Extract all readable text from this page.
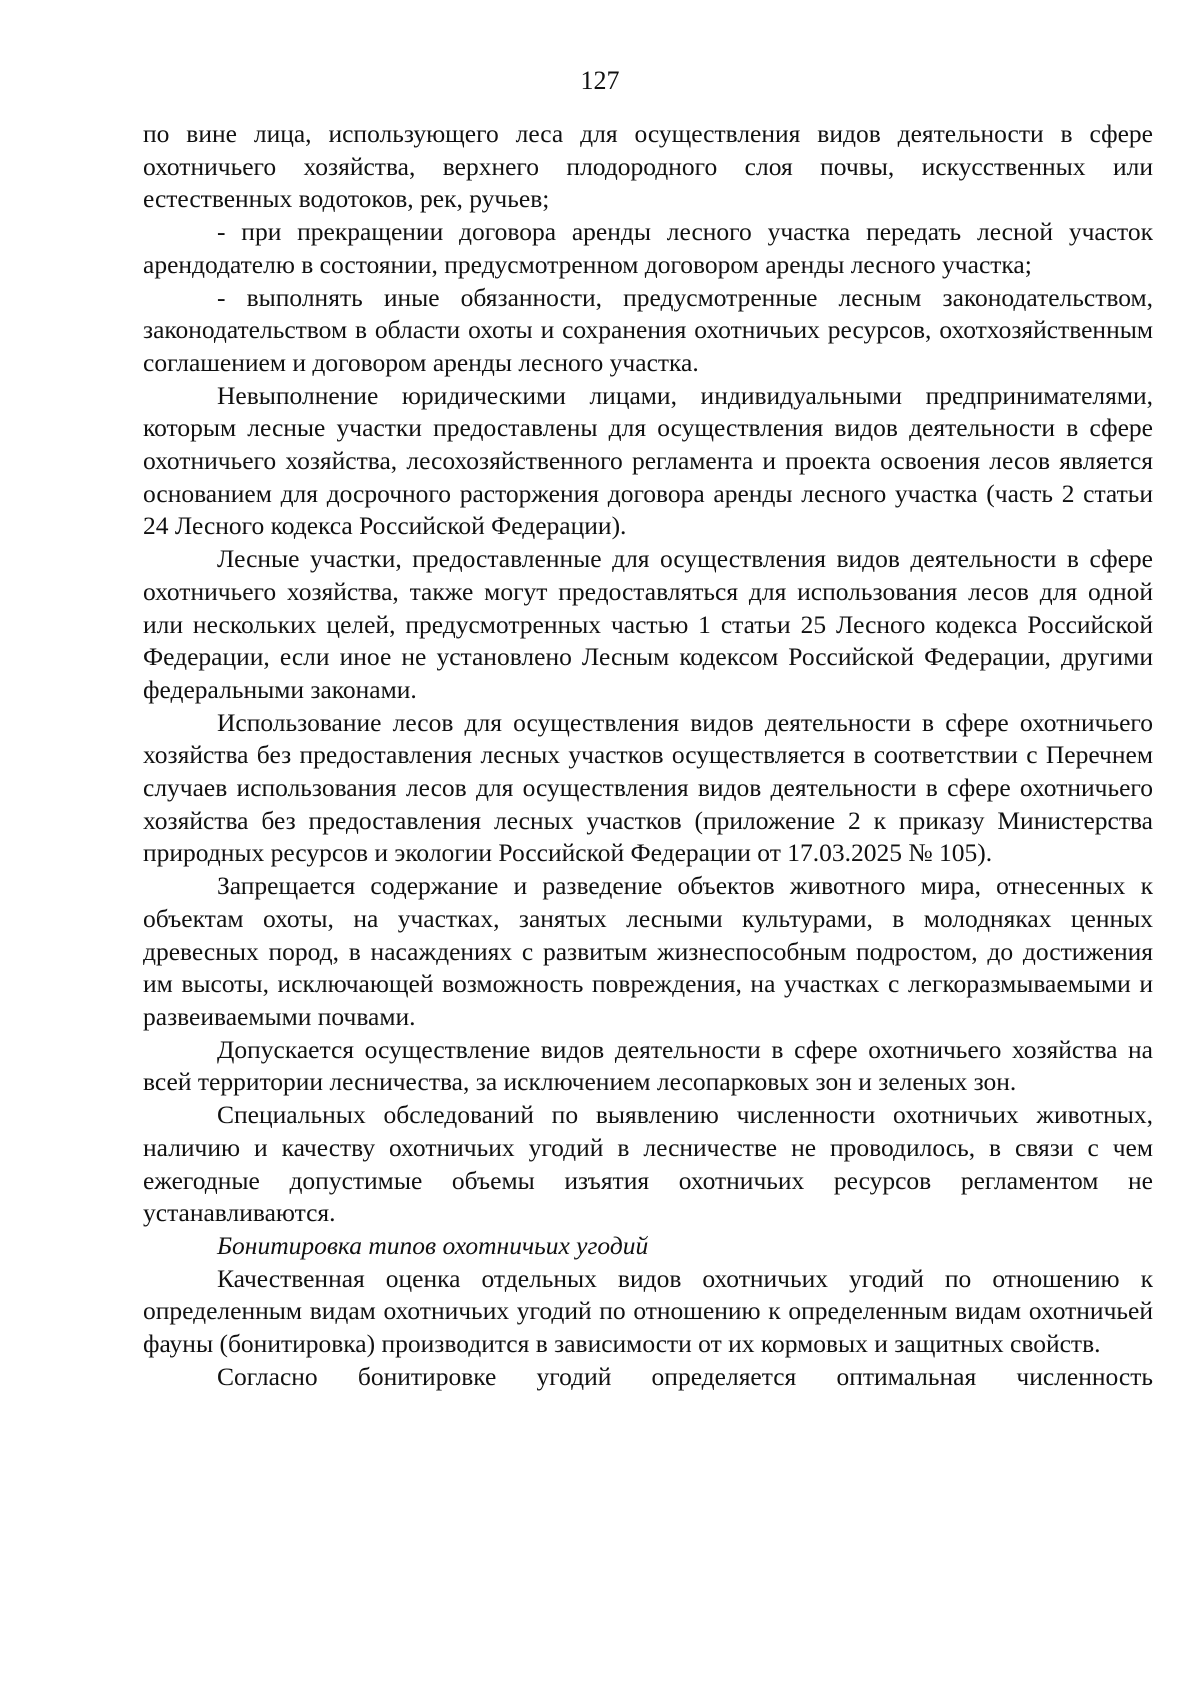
127

по вине лица, использующего леса для осуществления видов деятельности в сфере охотничьего хозяйства, верхнего плодородного слоя почвы, искусственных или естественных водотоков, рек, ручьев;

- при прекращении договора аренды лесного участка передать лесной участок арендодателю в состоянии, предусмотренном договором аренды лесного участка;

- выполнять иные обязанности, предусмотренные лесным законодательством, законодательством в области охоты и сохранения охотничьих ресурсов, охотхозяйственным соглашением и договором аренды лесного участка.

Невыполнение юридическими лицами, индивидуальными предпринимателями, которым лесные участки предоставлены для осуществления видов деятельности в сфере охотничьего хозяйства, лесохозяйственного регламента и проекта освоения лесов является основанием для досрочного расторжения договора аренды лесного участка (часть 2 статьи 24 Лесного кодекса Российской Федерации).

Лесные участки, предоставленные для осуществления видов деятельности в сфере охотничьего хозяйства, также могут предоставляться для использования лесов для одной или нескольких целей, предусмотренных частью 1 статьи 25 Лесного кодекса Российской Федерации, если иное не установлено Лесным кодексом Российской Федерации, другими федеральными законами.

Использование лесов для осуществления видов деятельности в сфере охотничьего хозяйства без предоставления лесных участков осуществляется в соответствии с Перечнем случаев использования лесов для осуществления видов деятельности в сфере охотничьего хозяйства без предоставления лесных участков (приложение 2 к приказу Министерства природных ресурсов и экологии Российской Федерации от 17.03.2025 № 105).

Запрещается содержание и разведение объектов животного мира, отнесенных к объектам охоты, на участках, занятых лесными культурами, в молодняках ценных древесных пород, в насаждениях с развитым жизнеспособным подростом, до достижения им высоты, исключающей возможность повреждения, на участках с легкоразмываемыми и развеиваемыми почвами.

Допускается осуществление видов деятельности в сфере охотничьего хозяйства на всей территории лесничества, за исключением лесопарковых зон и зеленых зон.

Специальных обследований по выявлению численности охотничьих животных, наличию и качеству охотничьих угодий в лесничестве не проводилось, в связи с чем ежегодные допустимые объемы изъятия охотничьих ресурсов регламентом не устанавливаются.

Бонитировка типов охотничьих угодий

Качественная оценка отдельных видов охотничьих угодий по отношению к определенным видам охотничьих угодий по отношению к определенным видам охотничьей фауны (бонитировка) производится в зависимости от их кормовых и защитных свойств.

Согласно бонитировке угодий определяется оптимальная численность
